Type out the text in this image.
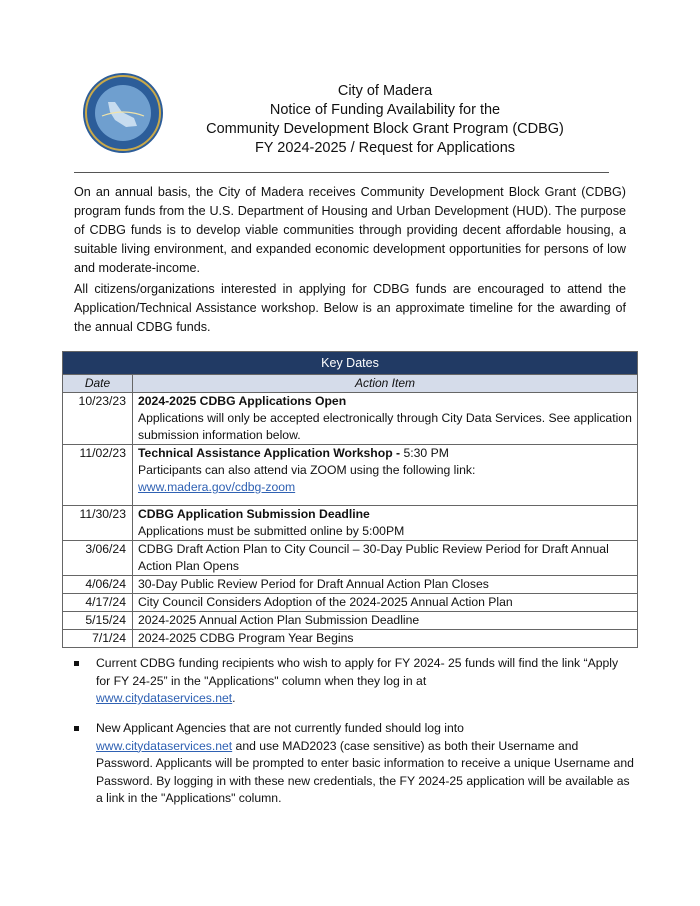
City of Madera
Notice of Funding Availability for the
Community Development Block Grant Program (CDBG)
FY 2024-2025 / Request for Applications
On an annual basis, the City of Madera receives Community Development Block Grant (CDBG) program funds from the U.S. Department of Housing and Urban Development (HUD). The purpose of CDBG funds is to develop viable communities through providing decent affordable housing, a suitable living environment, and expanded economic development opportunities for persons of low and moderate-income.
All citizens/organizations interested in applying for CDBG funds are encouraged to attend the Application/Technical Assistance workshop. Below is an approximate timeline for the awarding of the annual CDBG funds.
Key Dates	
Date	Action Item
10/23/23	2024-2025 CDBG Applications Open
Applications will only be accepted electronically through City Data Services. See application submission information below.

11/02/23	Technical Assistance Application Workshop - 5:30 PM
Participants can also attend via ZOOM using the following link:
www.madera.gov/cdbg-zoom

11/30/23	CDBG Application Submission Deadline
Applications must be submitted online by 5:00PM

3/06/24	CDBG Draft Action Plan to City Council – 30-Day Public Review Period for Draft Annual Action Plan Opens
4/06/24	30-Day Public Review Period for Draft Annual Action Plan Closes
4/17/24	City Council Considers Adoption of the 2024-2025 Annual Action Plan
5/15/24	2024-2025 Annual Action Plan Submission Deadline
7/1/24	2024-2025 CDBG Program Year Begins
Current CDBG funding recipients who wish to apply for FY 2024- 25 funds will find the link “Apply for FY 24-25” in the "Applications" column when they log in at
www.citydataservices.net.
New Applicant Agencies that are not currently funded should log into
www.citydataservices.net and use MAD2023 (case sensitive) as both their Username and Password. Applicants will be prompted to enter basic information to receive a unique Username and Password. By logging in with these new credentials, the FY 2024-25 application will be available as a link in the "Applications" column.
